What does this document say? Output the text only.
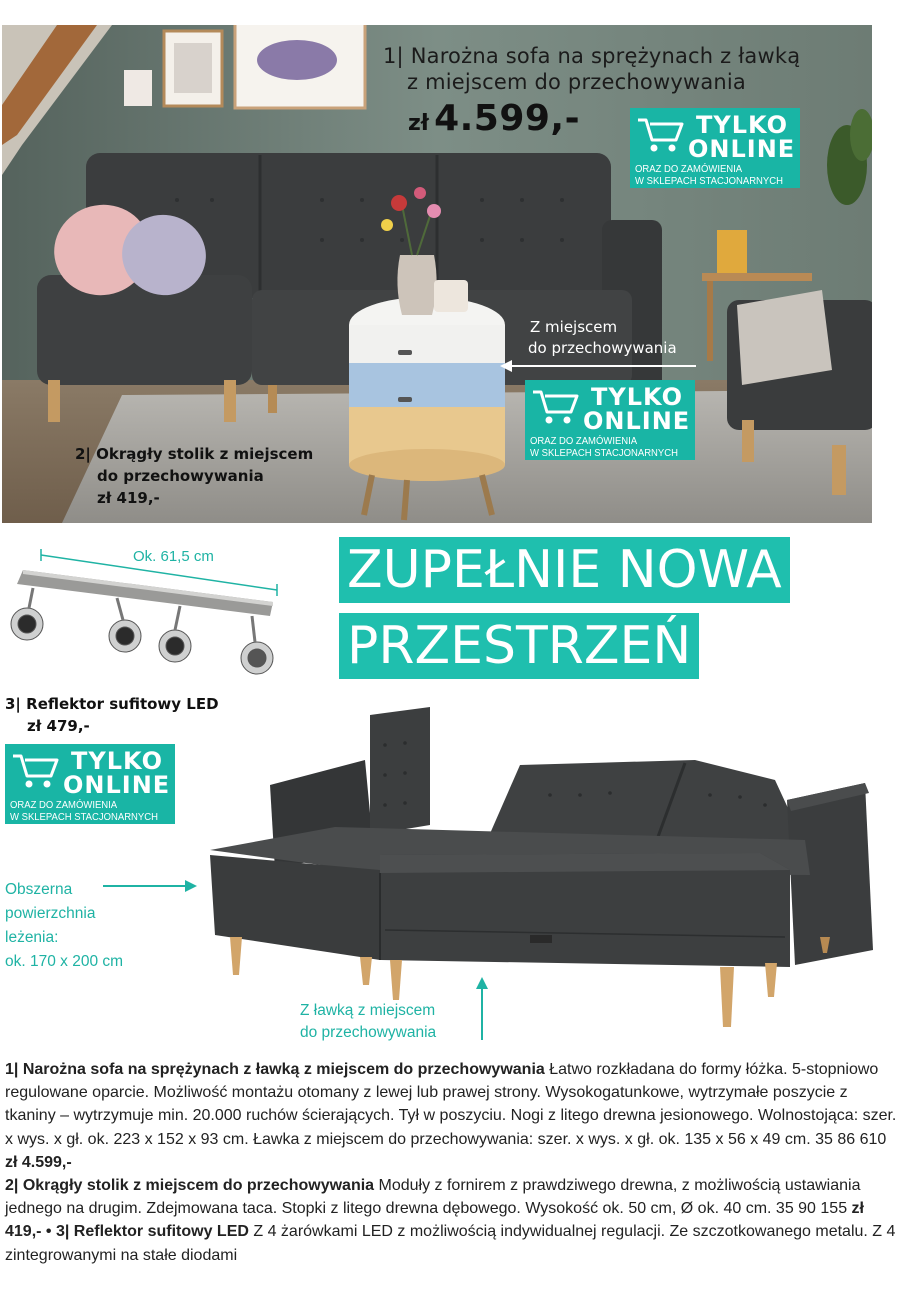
1| Narożna sofa na sprężynach z ławką
z miejscem do przechowywania
zł 4.599,-	TYLKO
ONLINE
ORAZ DO ZAMÓWIENIA
W SKLEPACH STACJONARNYCH
Z miejscem
do przechowywania
TYLKO
ONLINE
ORAZ DO ZAMÓWIENIA
W SKLEPACH STACJONARNYCH
2| Okrągły stolik z miejscem
do przechowywania
zł 419,-
Ok. 61,5 cm	ZUPEŁNIE NOWA
PRZESTRZEŃ
3| Reflektor sufitowy LED
zł 479,-
TYLKO
ONLINE
ORAZ DO ZAMÓWIENIA
W SKLEPACH STACJONARNYCH
Obszerna
powierzchnia
leżenia:
ok. 170 x 200 cm
Z ławką z miejscem
do przechowywania
1| Narożna sofa na sprężynach z ławką z miejscem do przechowywania Łatwo rozkładana do formy łóżka. 5-stopniowo regulowane oparcie. Możliwość montażu otomany z lewej lub prawej strony. Wysokogatunkowe, wytrzymałe poszycie z tkaniny – wytrzymuje min. 20.000 ruchów ścierających. Tył w poszyciu. Nogi z litego drewna jesionowego. Wolnostojąca: szer. x wys. x gł. ok. 223 x 152 x 93 cm. Ławka z miejscem do przechowywania: szer. x wys. x gł. ok. 135 x 56 x 49 cm. 35 86 610 zł 4.599,-
2| Okrągły stolik z miejscem do przechowywania Moduły z fornirem z prawdziwego drewna, z możliwością ustawiania jednego na drugim. Zdejmowana taca. Stopki z litego drewna dębowego. Wysokość ok. 50 cm, Ø ok. 40 cm. 35 90 155 zł 419,- • 3| Reflektor sufitowy LED Z 4 żarówkami LED z możliwością indywidualnej regulacji. Ze szczotkowanego metalu. Z 4 zintegrowanymi na stałe diodami
